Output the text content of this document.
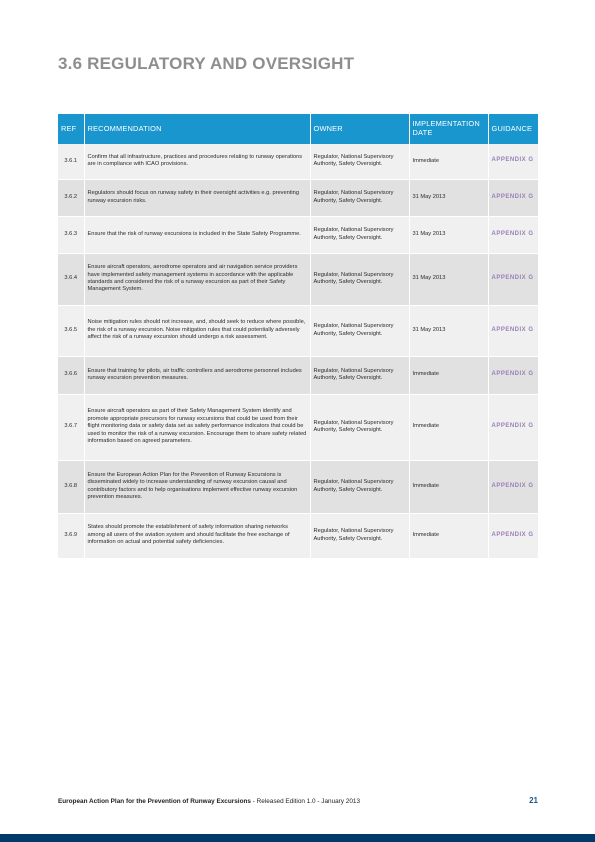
3.6 REGULATORY AND OVERSIGHT
REF	RECOMMENDATION	OWNER	IMPLEMENTATION DATE	GUIDANCE
3.6.1	Confirm that all infrastructure, practices and procedures relating to runway operations are in compliance with ICAO provisions.	Regulator, National Supervisory Authority, Safety Oversight.	Immediate	APPENDIX G
3.6.2	Regulators should focus on runway safety in their oversight activities e.g. preventing runway excursion risks.	Regulator, National Supervisory Authority, Safety Oversight.	31 May 2013	APPENDIX G
3.6.3	Ensure that the risk of runway excursions is included in the State Safety Programme.	Regulator, National Supervisory Authority, Safety Oversight.	31 May 2013	APPENDIX G
3.6.4	Ensure aircraft operators, aerodrome operators and air navigation service providers have implemented safety management systems in accordance with the applicable standards and considered the risk of a runway excursion as part of their Safety Management System.	Regulator, National Supervisory Authority, Safety Oversight.	31 May 2013	APPENDIX G
3.6.5	Noise mitigation rules should not increase, and, should seek to reduce where possible, the risk of a runway excursion. Noise mitigation rules that could potentially adversely affect the risk of a runway excursion should undergo a risk assessment.	Regulator, National Supervisory Authority, Safety Oversight.	31 May 2013	APPENDIX G
3.6.6	Ensure that training for pilots, air traffic controllers and aerodrome personnel includes runway excursion prevention measures.	Regulator, National Supervisory Authority, Safety Oversight.	Immediate	APPENDIX G
3.6.7	Ensure aircraft operators as part of their Safety Management System identify and promote appropriate precursors for runway excursions that could be used from their flight monitoring data or safety data set as safety performance indicators that could be used to monitor the risk of a runway excursion. Encourage them to share safety related information based on agreed parameters.	Regulator, National Supervisory Authority, Safety Oversight.	Immediate	APPENDIX G
3.6.8	Ensure the European Action Plan for the Prevention of Runway Excursions is disseminated widely to increase understanding of runway excursion causal and contributory factors and to help organisations implement effective runway excursion prevention measures.	Regulator, National Supervisory Authority, Safety Oversight.	Immediate	APPENDIX G
3.6.9	States should promote the establishment of safety information sharing networks among all users of the aviation system and should facilitate the free exchange of information on actual and potential safety deficiencies.	Regulator, National Supervisory Authority, Safety Oversight.	Immediate	APPENDIX G
European Action Plan for the Prevention of Runway Excursions - Released Edition 1.0 - January 2013	21
